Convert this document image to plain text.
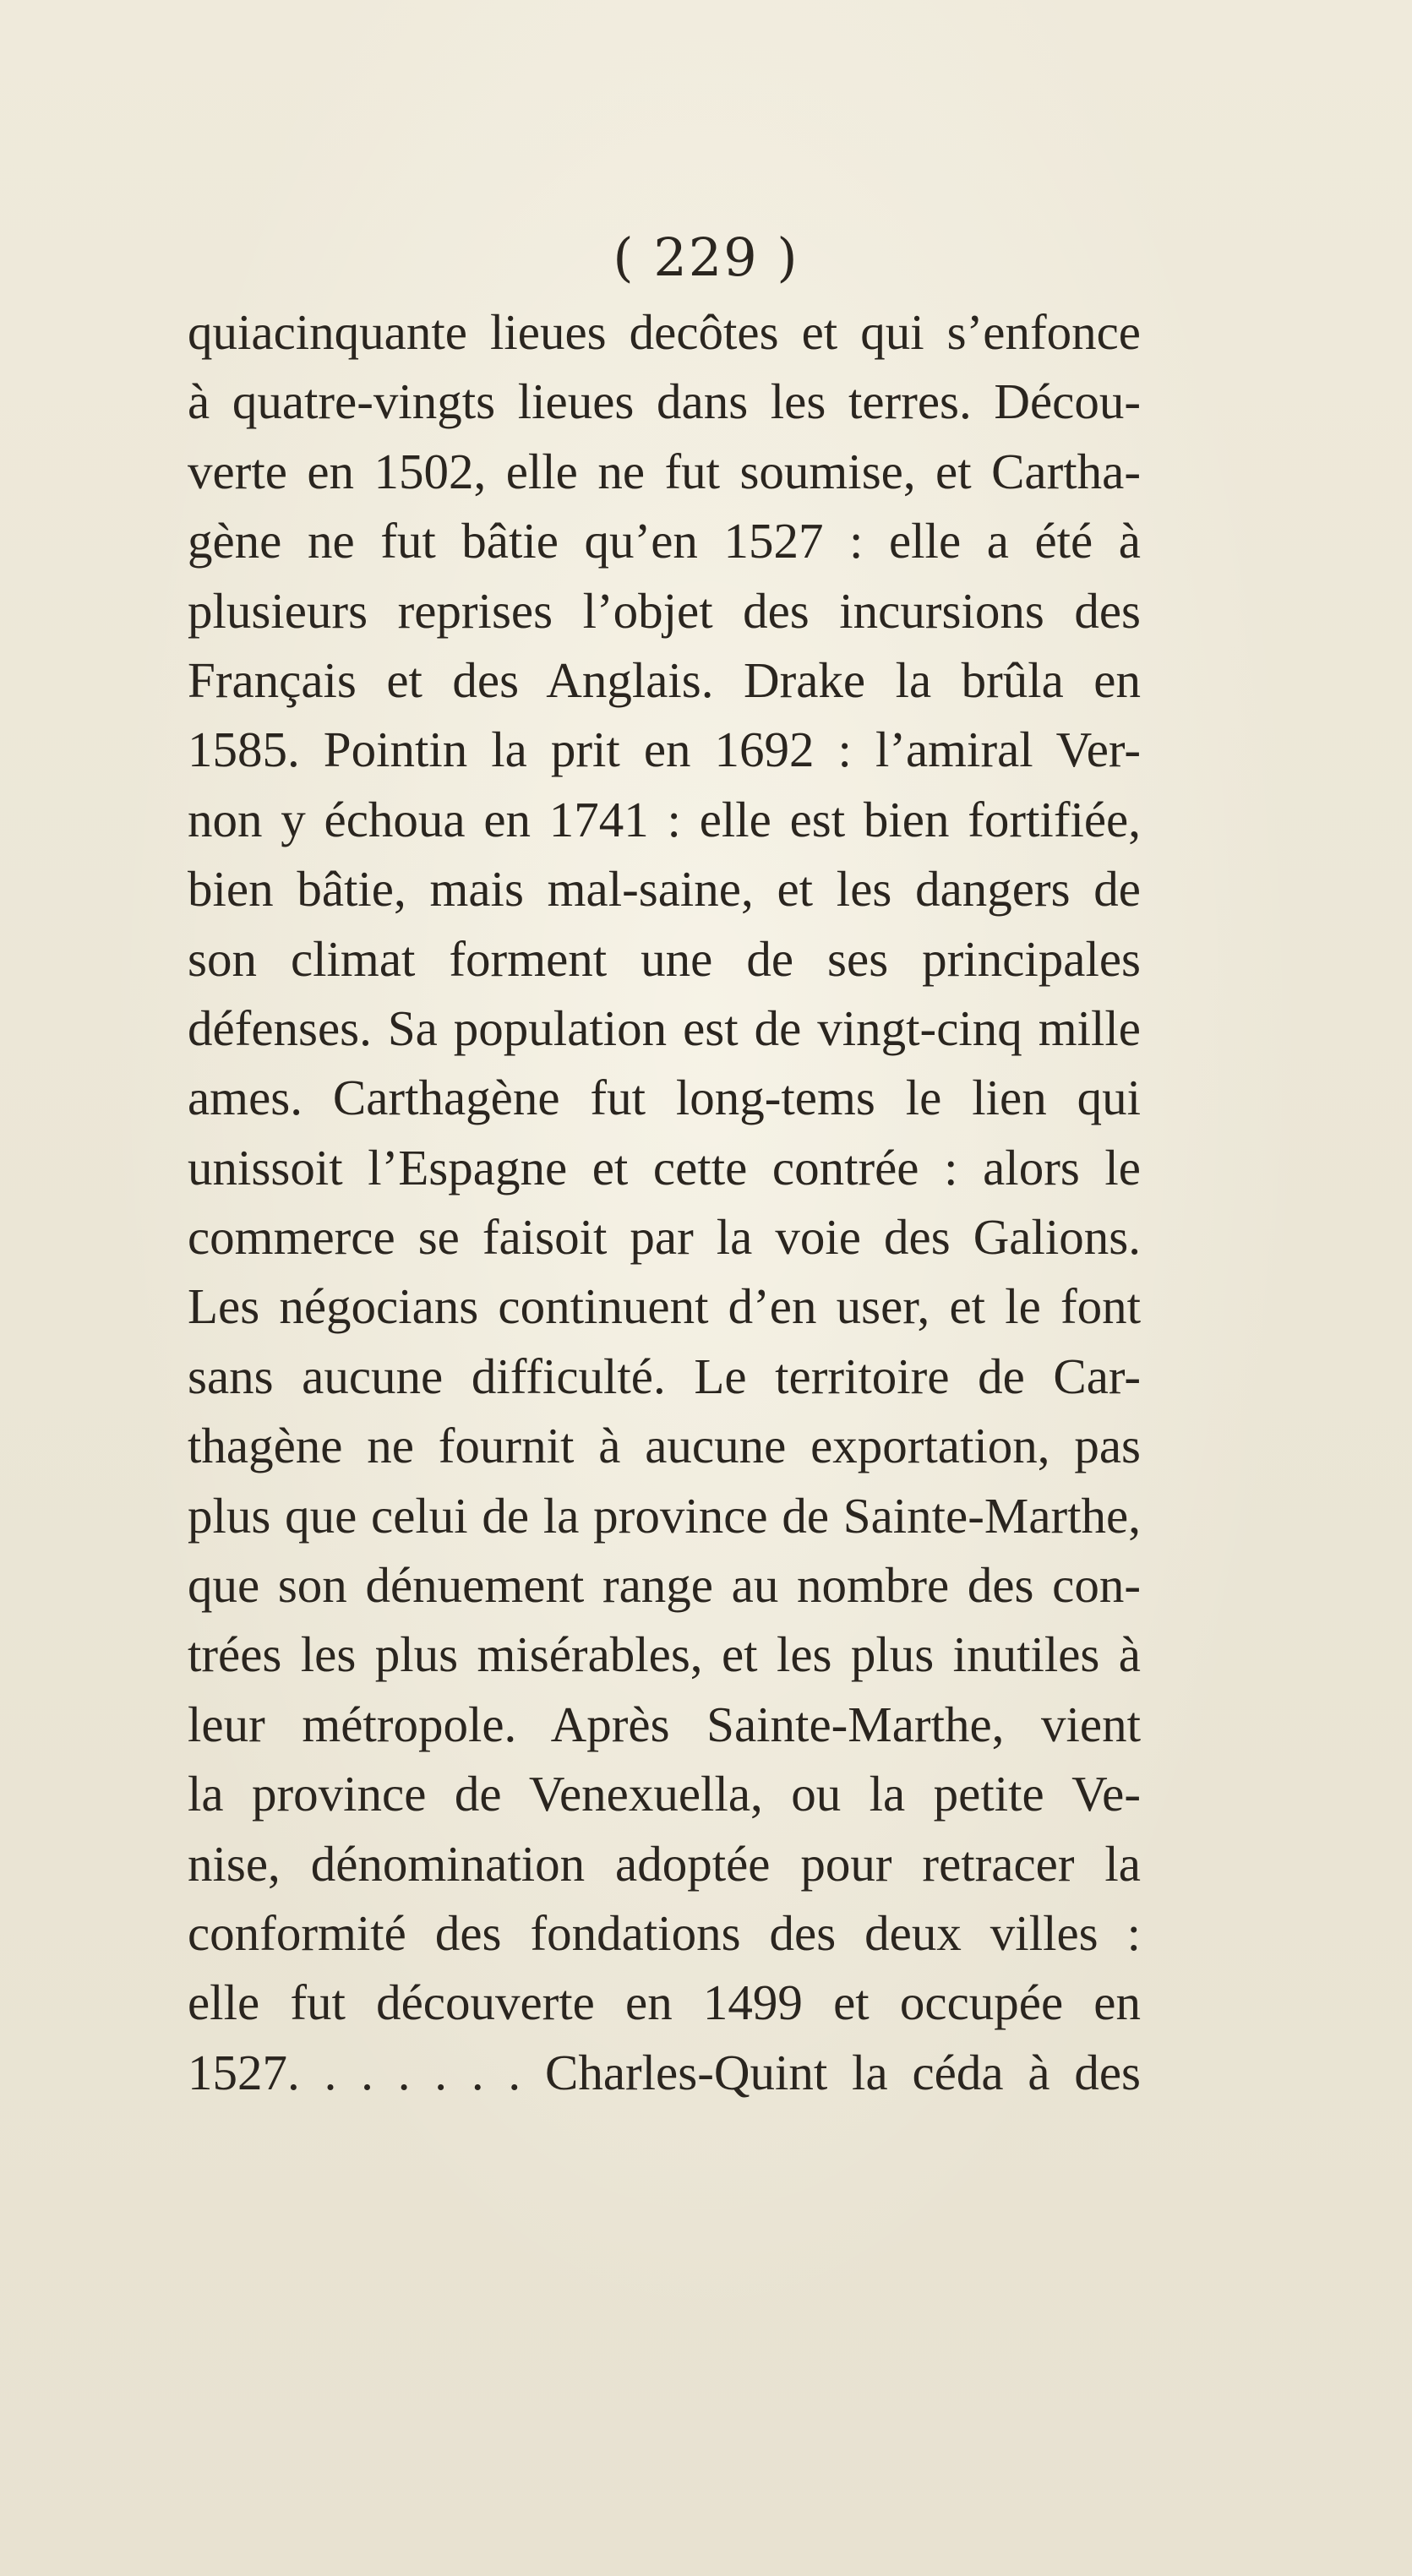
( 229 )
quiacinquante lieues decôtes et qui s’enfonce
à quatre-vingts lieues dans les terres. Décou-
verte en 1502, elle ne fut soumise, et Cartha-
gène ne fut bâtie qu’en 1527 : elle a été à
plusieurs reprises l’objet des incursions des
Français et des Anglais. Drake la brûla en
1585. Pointin la prit en 1692 : l’amiral Ver-
non y échoua en 1741 : elle est bien fortifiée,
bien bâtie, mais mal-saine, et les dangers de
son climat forment une de ses principales
défenses. Sa population est de vingt-cinq mille
ames. Carthagène fut long-tems le lien qui
unissoit l’Espagne et cette contrée : alors le
commerce se faisoit par la voie des Galions.
Les négocians continuent d’en user, et le font
sans aucune difficulté. Le territoire de Car-
thagène ne fournit à aucune exportation, pas
plus que celui de la province de Sainte-Marthe,
que son dénuement range au nombre des con-
trées les plus misérables, et les plus inutiles à
leur métropole. Après Sainte-Marthe, vient
la province de Venexuella, ou la petite Ve-
nise, dénomination adoptée pour retracer la
conformité des fondations des deux villes :
elle fut découverte en 1499 et occupée en
1527. . . . . . . Charles-Quint la céda à des
